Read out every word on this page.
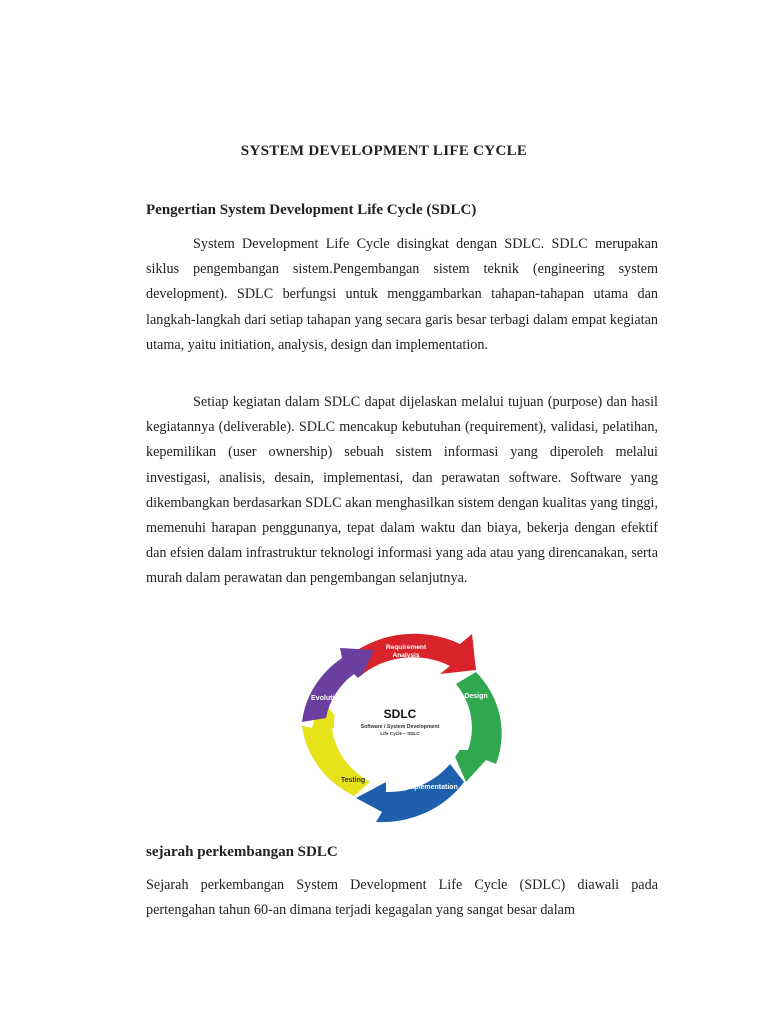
SYSTEM DEVELOPMENT LIFE CYCLE
Pengertian System Development Life Cycle (SDLC)

System Development Life Cycle disingkat dengan SDLC. SDLC merupakan siklus pengembangan sistem.Pengembangan sistem teknik (engineering system development). SDLC berfungsi untuk menggambarkan tahapan-tahapan utama dan langkah-langkah dari setiap tahapan yang secara garis besar terbagi dalam empat kegiatan utama, yaitu initiation, analysis, design dan implementation.

Setiap kegiatan dalam SDLC dapat dijelaskan melalui tujuan (purpose) dan hasil kegiatannya (deliverable). SDLC mencakup kebutuhan (requirement), validasi, pelatihan, kepemilikan (user ownership) sebuah sistem informasi yang diperoleh melalui investigasi, analisis, desain, implementasi, dan perawatan software. Software yang dikembangkan berdasarkan SDLC akan menghasilkan sistem dengan kualitas yang tinggi, memenuhi harapan penggunanya, tepat dalam waktu dan biaya, bekerja dengan efektif dan efsien dalam infrastruktur teknologi informasi yang ada atau yang direncanakan, serta murah dalam perawatan dan pengembangan selanjutnya.

SDLC
Software / System Development
Life Cycle – SDLC
Requirement
Analysis
Design
Implementation
Testing
Evolution
sejarah perkembangan SDLC

Sejarah perkembangan System Development Life Cycle (SDLC) diawali pada pertengahan tahun 60-an dimana terjadi kegagalan yang sangat besar dalam
